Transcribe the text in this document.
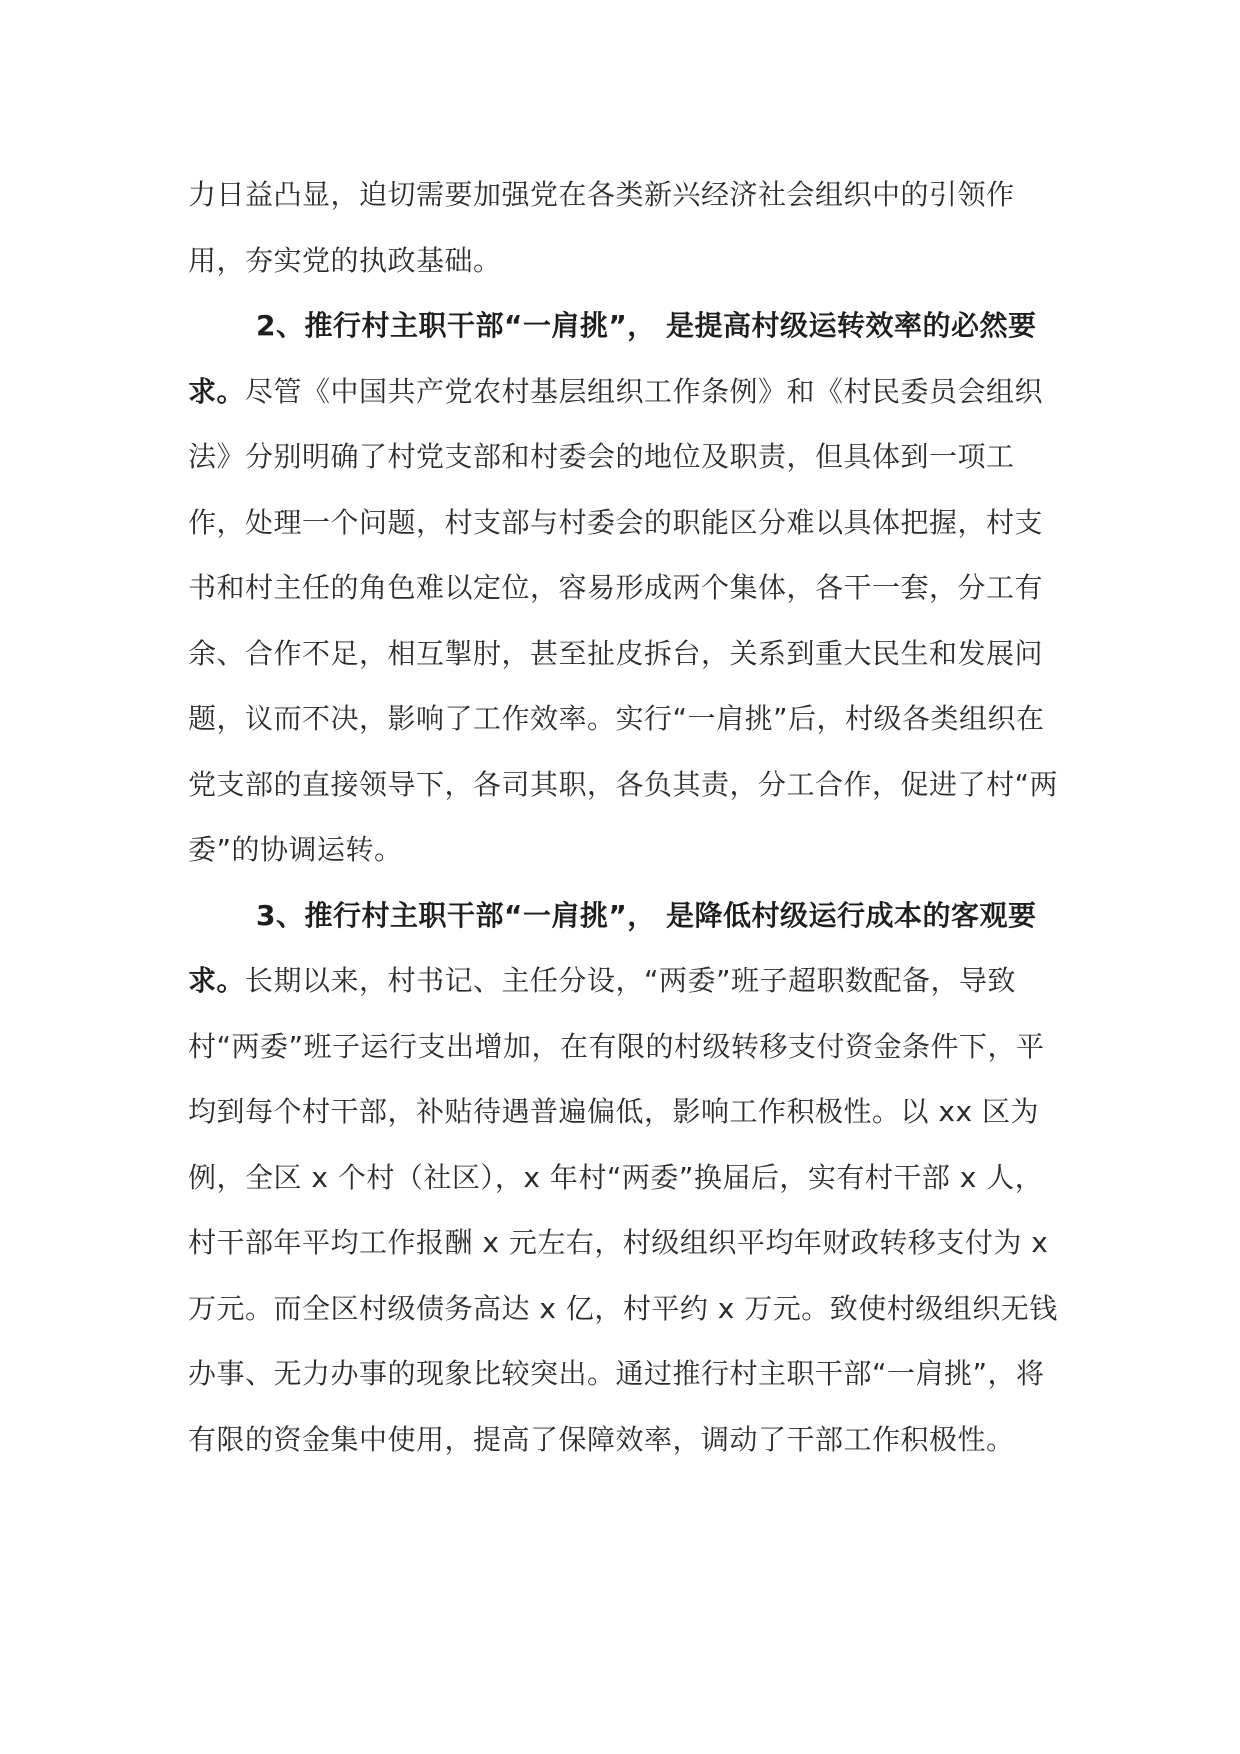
力日益凸显，迫切需要加强党在各类新兴经济社会组织中的引领作用，夯实党的执政基础。

2、推行村主职干部“一肩挑”， 是提高村级运转效率的必然要求。尽管《中国共产党农村基层组织工作条例》和《村民委员会组织法》分别明确了村党支部和村委会的地位及职责，但具体到一项工作，处理一个问题，村支部与村委会的职能区分难以具体把握，村支书和村主任的角色难以定位，容易形成两个集体，各干一套，分工有余、合作不足，相互掣肘，甚至扯皮拆台，关系到重大民生和发展问题，议而不决，影响了工作效率。实行“一肩挑”后，村级各类组织在党支部的直接领导下，各司其职，各负其责，分工合作，促进了村“两委”的协调运转。

3、推行村主职干部“一肩挑”， 是降低村级运行成本的客观要求。长期以来，村书记、主任分设，“两委”班子超职数配备，导致村“两委”班子运行支出增加，在有限的村级转移支付资金条件下，平均到每个村干部，补贴待遇普遍偏低，影响工作积极性。以 xx 区为例，全区 x 个村（社区），x 年村“两委”换届后，实有村干部 x 人，村干部年平均工作报酬 x 元左右，村级组织平均年财政转移支付为 x 万元。而全区村级债务高达 x 亿，村平约 x 万元。致使村级组织无钱办事、无力办事的现象比较突出。通过推行村主职干部“一肩挑”，将有限的资金集中使用，提高了保障效率，调动了干部工作积极性。
